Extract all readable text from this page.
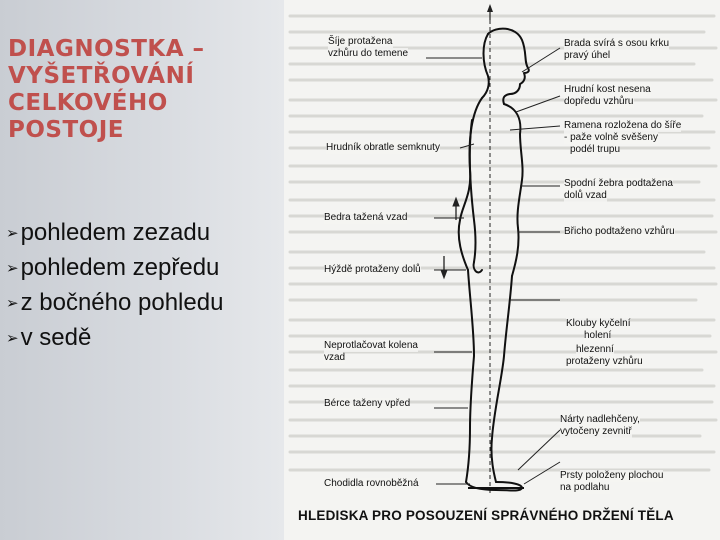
DIAGNOSTKA – VYŠETŘOVÁNÍ CELKOVÉHO POSTOJE
➢pohledem zezadu
➢pohledem zepředu
➢z bočného pohledu
➢v sedě
Šíje protažena
vzhůru do temene
Hrudník obratle semknuty
Bedra tažená vzad
Hýždě protaženy dolů
Neprotlačovat kolena
vzad
Bérce taženy vpřed
Chodidla rovnoběžná
Brada svírá s osou krku
pravý úhel
Hrudní kost nesena
dopředu vzhůru
Ramena rozložena do šíře
- paže volně svěšeny
podél trupu
Spodní žebra podtažena
dolů vzad
Břicho podtaženo vzhůru
Klouby kyčelní
holení
hlezenní
protaženy vzhůru
Nárty nadlehčeny,
vytočeny zevnitř
Prsty položeny plochou
na podlahu
HLEDISKA PRO POSOUZENÍ SPRÁVNÉHO DRŽENÍ TĚLA
